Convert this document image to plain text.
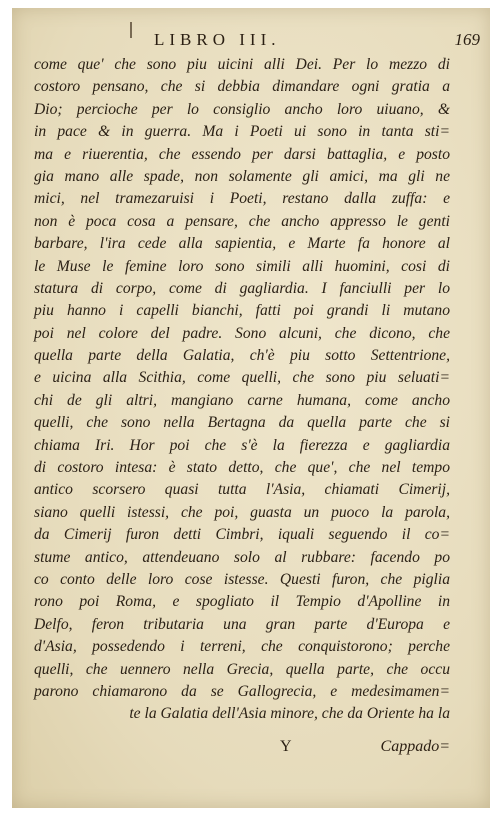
LIBRO III.	169
come que' che sono piu uicini alli Dei. Per lo mezzo di
costoro pensano, che si debbia dimandare ogni gratia a
Dio; percioche per lo consiglio ancho loro uiuano, &
in pace & in guerra. Ma i Poeti ui sono in tanta sti=
ma e riuerentia, che essendo per darsi battaglia, e posto
gia mano alle spade, non solamente gli amici, ma gli ne
mici, nel tramezaruisi i Poeti, restano dalla zuffa: e
non è poca cosa a pensare, che ancho appresso le genti
barbare, l'ira cede alla sapientia, e Marte fa honore al
le Muse le femine loro sono simili alli huomini, cosi di
statura di corpo, come di gagliardia. I fanciulli per lo
piu hanno i capelli bianchi, fatti poi grandi li mutano
poi nel colore del padre. Sono alcuni, che dicono, che
quella parte della Galatia, ch'è piu sotto Settentrione,
e uicina alla Scithia, come quelli, che sono piu seluati=
chi de gli altri, mangiano carne humana, come ancho
quelli, che sono nella Bertagna da quella parte che si
chiama Iri. Hor poi che s'è la fierezza e gagliardia
di costoro intesa: è stato detto, che que', che nel tempo
antico scorsero quasi tutta l'Asia, chiamati Cimerij,
siano quelli istessi, che poi, guasta un puoco la parola,
da Cimerij furon detti Cimbri, iquali seguendo il co=
stume antico, attendeuano solo al rubbare: facendo po
co conto delle loro cose istesse. Questi furon, che piglia
rono poi Roma, e spogliato il Tempio d'Apolline in
Delfo, feron tributaria una gran parte d'Europa e
d'Asia, possedendo i terreni, che conquistorono; perche
quelli, che uennero nella Grecia, quella parte, che occu
parono chiamarono da se Gallogrecia, e medesimamen=
te la Galatia dell'Asia minore, che da Oriente ha la
Y	Cappado=
